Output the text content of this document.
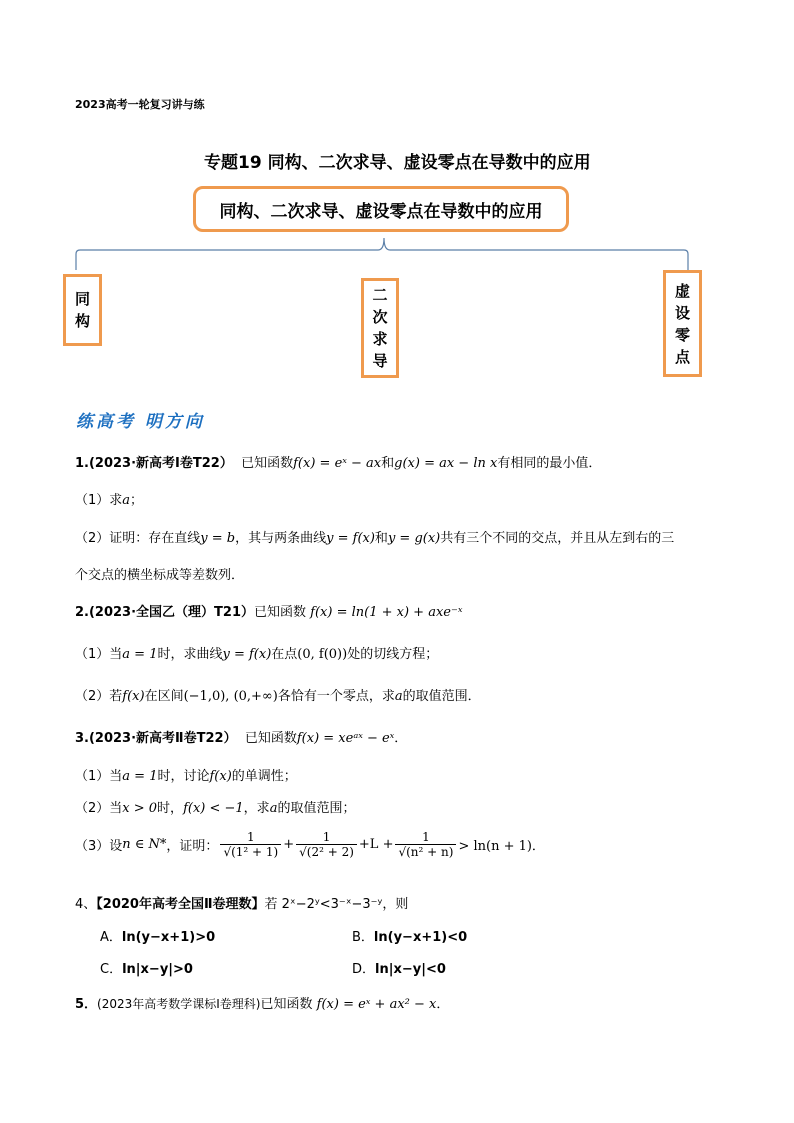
2023高考一轮复习讲与练
专题19 同构、二次求导、虚设零点在导数中的应用
同构、二次求导、虚设零点在导数中的应用
同
构
二
次
求
导
虚
设
零
点
练高考 明方向
1.(2023·新高考Ⅰ卷T22） 已知函数f(x) = eˣ − ax和g(x) = ax − ln x有相同的最小值．
（1）求a；
（2）证明：存在直线y = b，其与两条曲线y = f(x)和y = g(x)共有三个不同的交点，并且从左到右的三
个交点的横坐标成等差数列．
2.(2023·全国乙（理）T21）已知函数 f(x) = ln(1 + x) + axe⁻ˣ
（1）当a = 1时，求曲线y = f(x)在点(0, f(0))处的切线方程；
（2）若f(x)在区间(−1,0), (0,+∞)各恰有一个零点，求a的取值范围．
3.(2023·新高考Ⅱ卷T22） 已知函数f(x) = xeᵃˣ − eˣ．
（1）当a = 1时，讨论f(x)的单调性；
（2）当x > 0时，f(x) < −1，求a的取值范围；
（3）设 n ∈ N* ，证明： $\frac{1}{\text{√(1² + 1)}} + \frac{1}{\text{√(2² + 2)}} +L + \frac{1}{\text{√(n² + n)}} > \ln(n + 1)$．
4、【2020年高考全国Ⅱ卷理数】若 2ˣ−2ʸ<3⁻ˣ−3⁻ʸ，则
A．ln(y−x+1)>0	B．ln(y−x+1)<0
C．ln|x−y|>0	D．ln|x−y|<0
5．(2023年高考数学课标Ⅰ卷理科)已知函数 f(x) = eˣ + ax² − x．
